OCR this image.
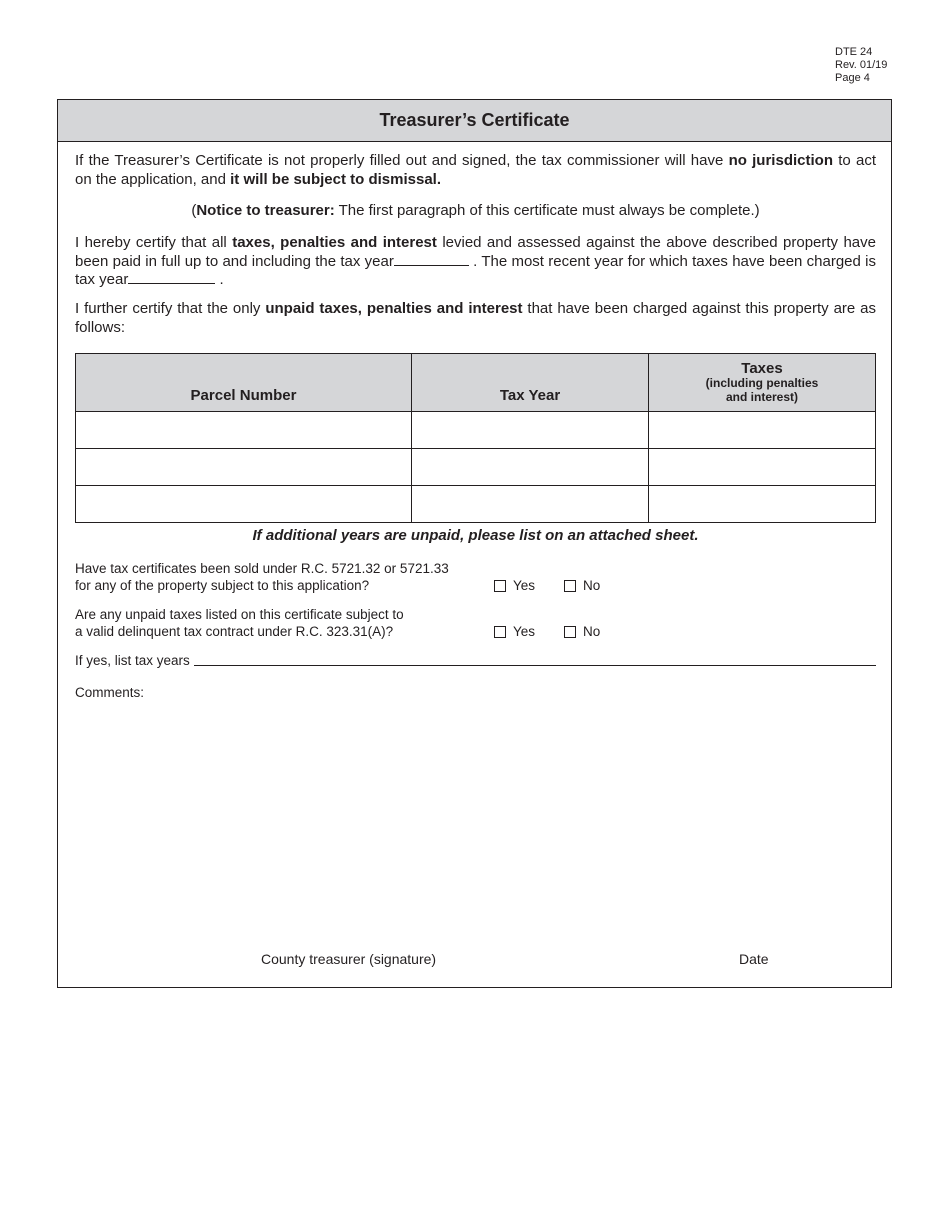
DTE 24
Rev. 01/19
Page 4
Treasurer’s Certificate
If the Treasurer’s Certificate is not properly filled out and signed, the tax commissioner will have no jurisdiction to act on the application, and it will be subject to dismissal.
(Notice to treasurer: The first paragraph of this certificate must always be complete.)
I hereby certify that all taxes, penalties and interest levied and assessed against the above described property have been paid in full up to and including the tax year	. The most recent year for which taxes have been charged is tax year	.
I further certify that the only unpaid taxes, penalties and interest that have been charged against this property are as follows:
Parcel Number	Tax Year	Taxes
(including penalties
and interest)

If additional years are unpaid, please list on an attached sheet.
Have tax certificates been sold under R.C. 5721.32 or 5721.33
for any of the property subject to this application?	Yes	No
Are any unpaid taxes listed on this certificate subject to
a valid delinquent tax contract under R.C. 323.31(A)?	Yes	No
If yes, list tax years
Comments:
County treasurer (signature)	Date
